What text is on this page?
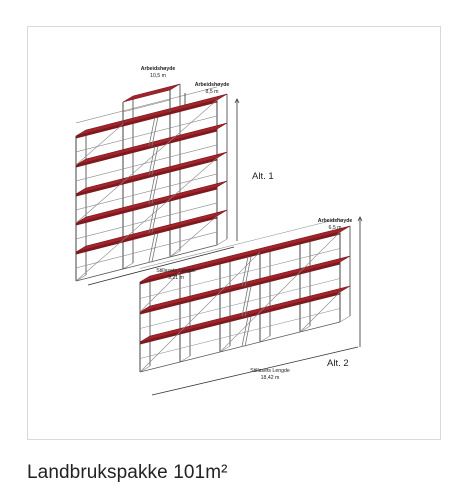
Arbeidshøyde
10,5 m
Arbeidshøyde
8,5 m
Alt. 1
Stillasets Lengde
9,21 m
Arbeidshøyde
6,5 m
Alt. 2
Stillasets Lengde
18,42 m
Landbrukspakke 101m²
